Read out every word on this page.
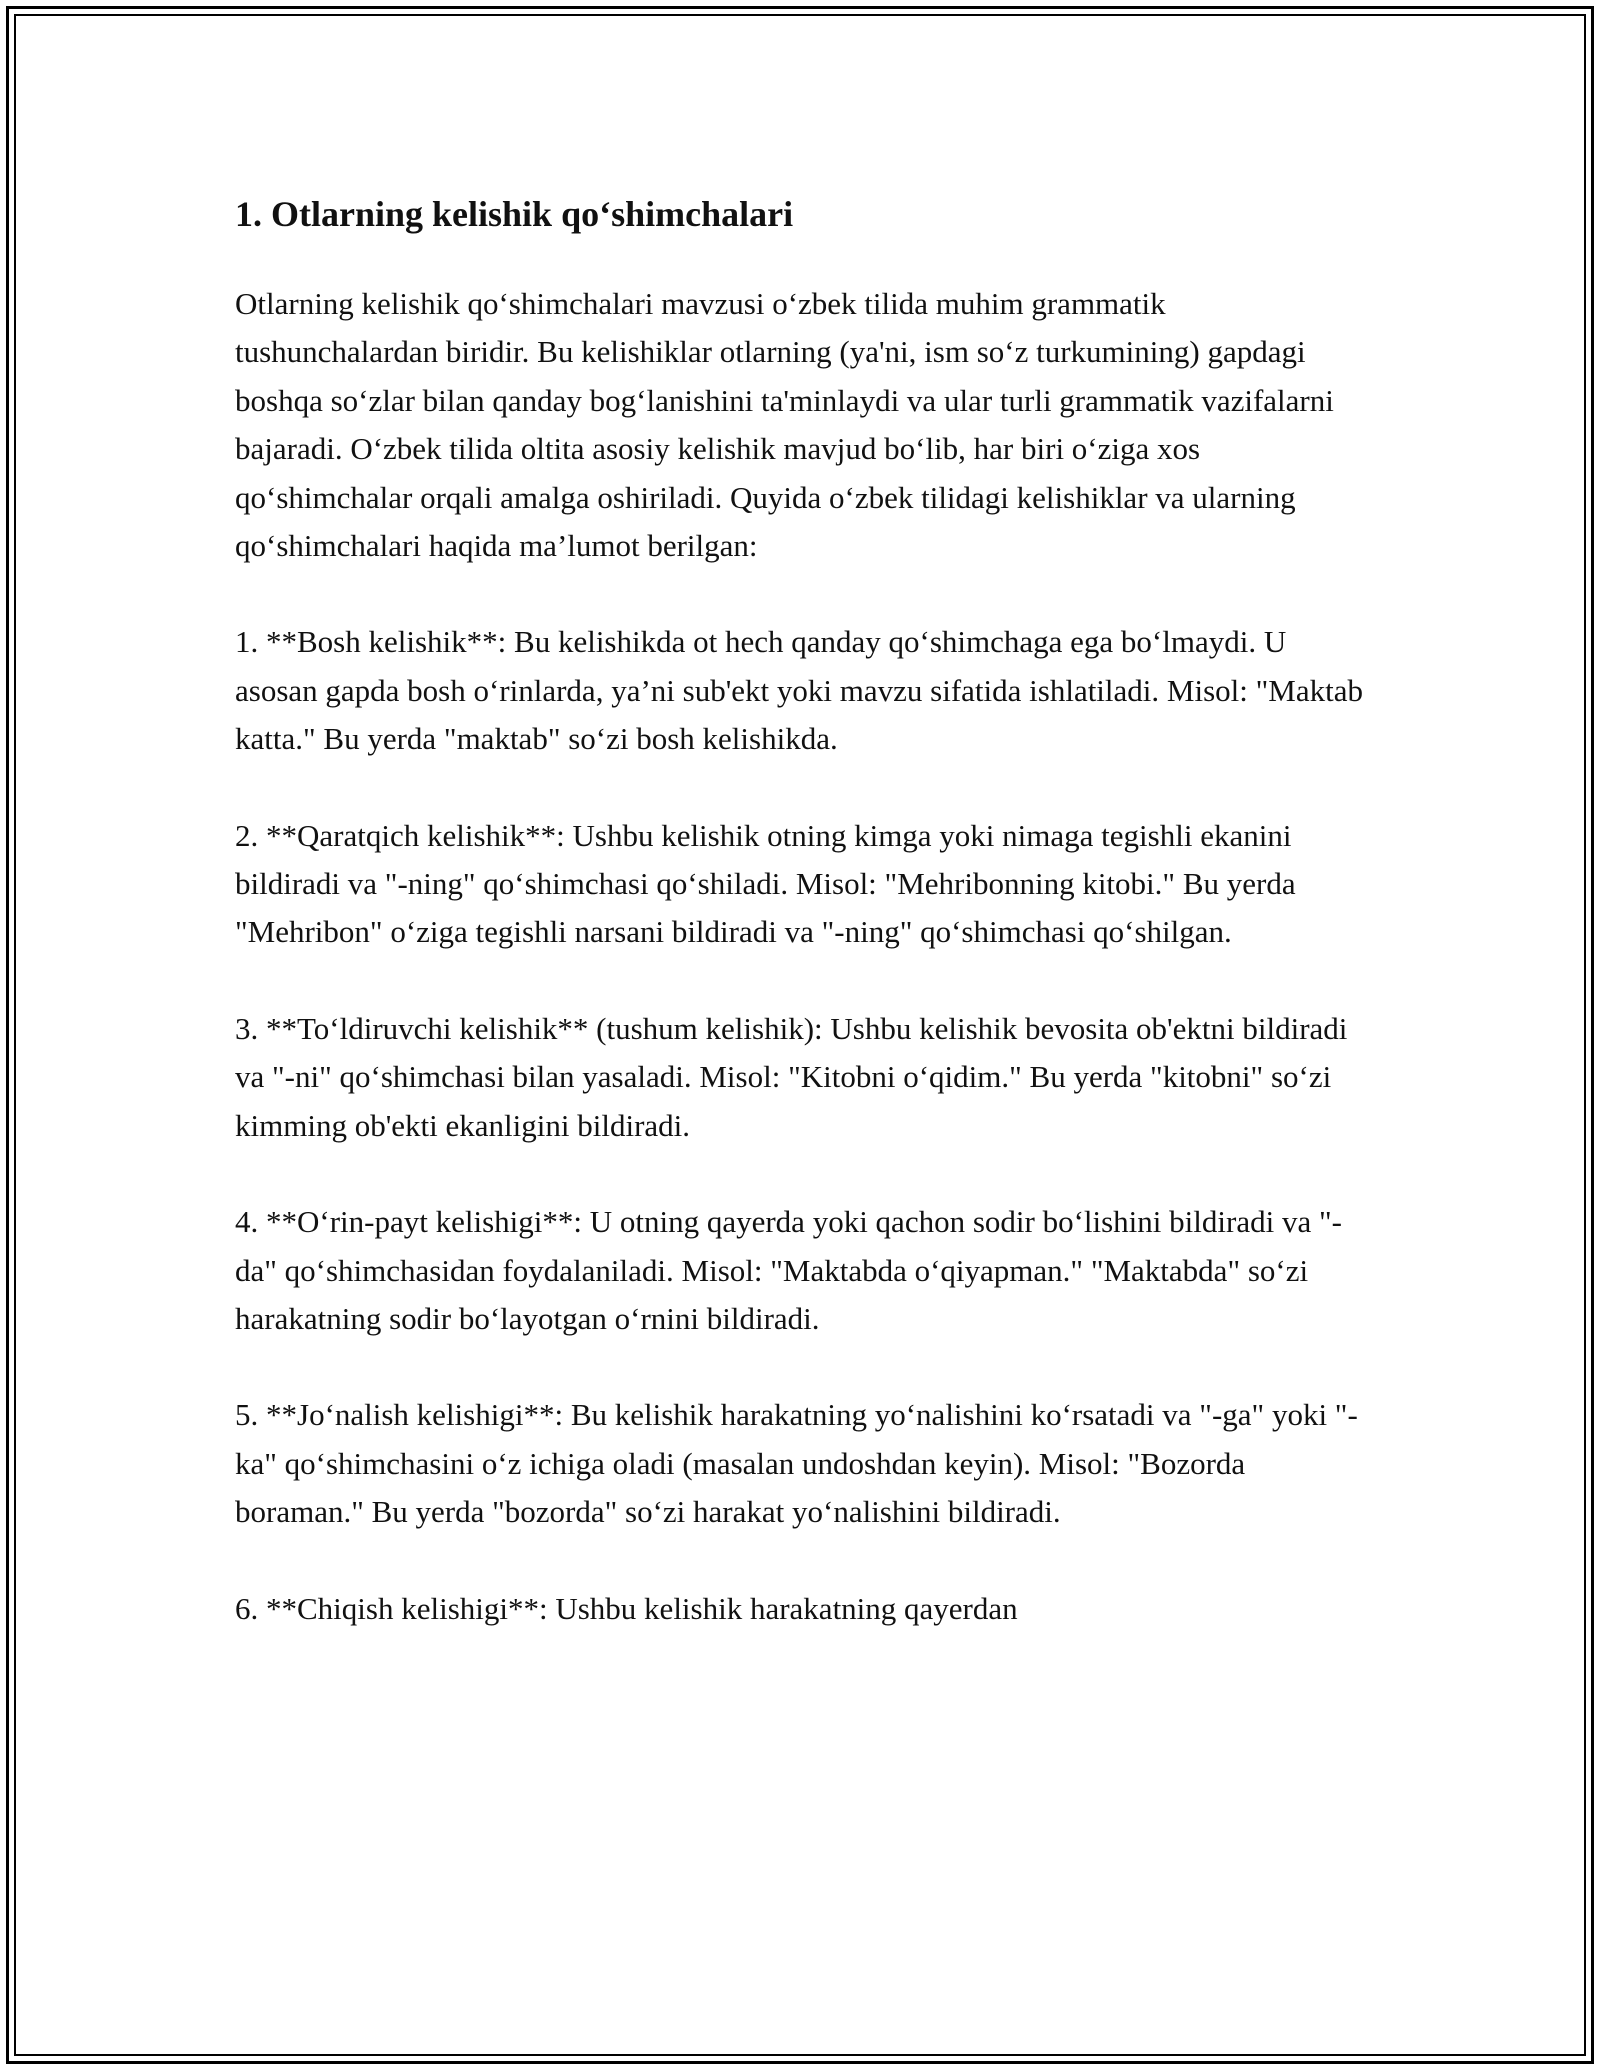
1. Otlarning kelishik qo‘shimchalari

Otlarning kelishik qo‘shimchalari mavzusi o‘zbek tilida muhim grammatik tushunchalardan biridir. Bu kelishiklar otlarning (ya'ni, ism so‘z turkumining) gapdagi boshqa so‘zlar bilan qanday bog‘lanishini ta'minlaydi va ular turli grammatik vazifalarni bajaradi. O‘zbek tilida oltita asosiy kelishik mavjud bo‘lib, har biri o‘ziga xos qo‘shimchalar orqali amalga oshiriladi. Quyida o‘zbek tilidagi kelishiklar va ularning qo‘shimchalari haqida ma’lumot berilgan:

1. **Bosh kelishik**: Bu kelishikda ot hech qanday qo‘shimchaga ega bo‘lmaydi. U asosan gapda bosh o‘rinlarda, ya’ni sub'ekt yoki mavzu sifatida ishlatiladi. Misol: "Maktab katta." Bu yerda "maktab" so‘zi bosh kelishikda.

2. **Qaratqich kelishik**: Ushbu kelishik otning kimga yoki nimaga tegishli ekanini bildiradi va "-ning" qo‘shimchasi qo‘shiladi. Misol: "Mehribonning kitobi." Bu yerda "Mehribon" o‘ziga tegishli narsani bildiradi va "-ning" qo‘shimchasi qo‘shilgan.

3. **To‘ldiruvchi kelishik** (tushum kelishik): Ushbu kelishik bevosita ob'ektni bildiradi va "-ni" qo‘shimchasi bilan yasaladi. Misol: "Kitobni o‘qidim." Bu yerda "kitobni" so‘zi kimming ob'ekti ekanligini bildiradi.

4. **O‘rin-payt kelishigi**: U otning qayerda yoki qachon sodir bo‘lishini bildiradi va "-da" qo‘shimchasidan foydalaniladi. Misol: "Maktabda o‘qiyapman." "Maktabda" so‘zi harakatning sodir bo‘layotgan o‘rnini bildiradi.

5. **Jo‘nalish kelishigi**: Bu kelishik harakatning yo‘nalishini ko‘rsatadi va "-ga" yoki "-ka" qo‘shimchasini o‘z ichiga oladi (masalan undoshdan keyin). Misol: "Bozorda boraman." Bu yerda "bozorda" so‘zi harakat yo‘nalishini bildiradi.

6. **Chiqish kelishigi**: Ushbu kelishik harakatning qayerdan
